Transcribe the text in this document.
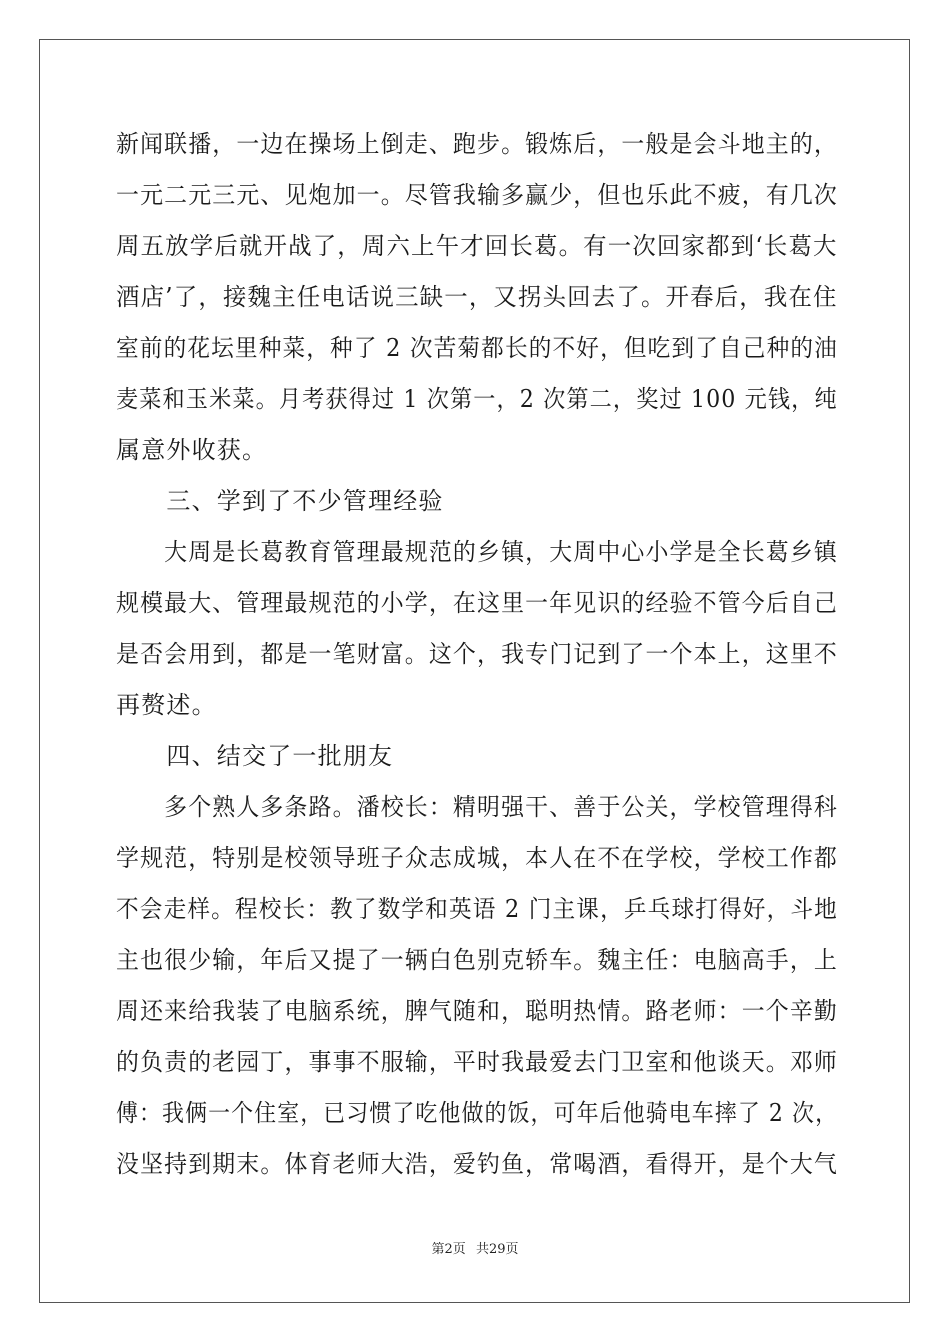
新闻联播，一边在操场上倒走、跑步。锻炼后，一般是会斗地主的，
一元二元三元、见炮加一。尽管我输多赢少，但也乐此不疲，有几次
周五放学后就开战了，周六上午才回长葛。有一次回家都到‘长葛大
酒店’了，接魏主任电话说三缺一，又拐头回去了。开春后，我在住
室前的花坛里种菜，种了 2 次苦菊都长的不好，但吃到了自己种的油
麦菜和玉米菜。月考获得过 1 次第一，2 次第二，奖过 100 元钱，纯
属意外收获。
　　三、学到了不少管理经验
　　大周是长葛教育管理最规范的乡镇，大周中心小学是全长葛乡镇
规模最大、管理最规范的小学，在这里一年见识的经验不管今后自己
是否会用到，都是一笔财富。这个，我专门记到了一个本上，这里不
再赘述。
　　四、结交了一批朋友
　　多个熟人多条路。潘校长：精明强干、善于公关，学校管理得科
学规范，特别是校领导班子众志成城，本人在不在学校，学校工作都
不会走样。程校长：教了数学和英语 2 门主课，乒乓球打得好，斗地
主也很少输，年后又提了一辆白色别克轿车。魏主任：电脑高手，上
周还来给我装了电脑系统，脾气随和，聪明热情。路老师：一个辛勤
的负责的老园丁，事事不服输，平时我最爱去门卫室和他谈天。邓师
傅：我俩一个住室，已习惯了吃他做的饭，可年后他骑电车摔了 2 次，
没坚持到期末。体育老师大浩，爱钓鱼，常喝酒，看得开，是个大气
第2页 共29页
